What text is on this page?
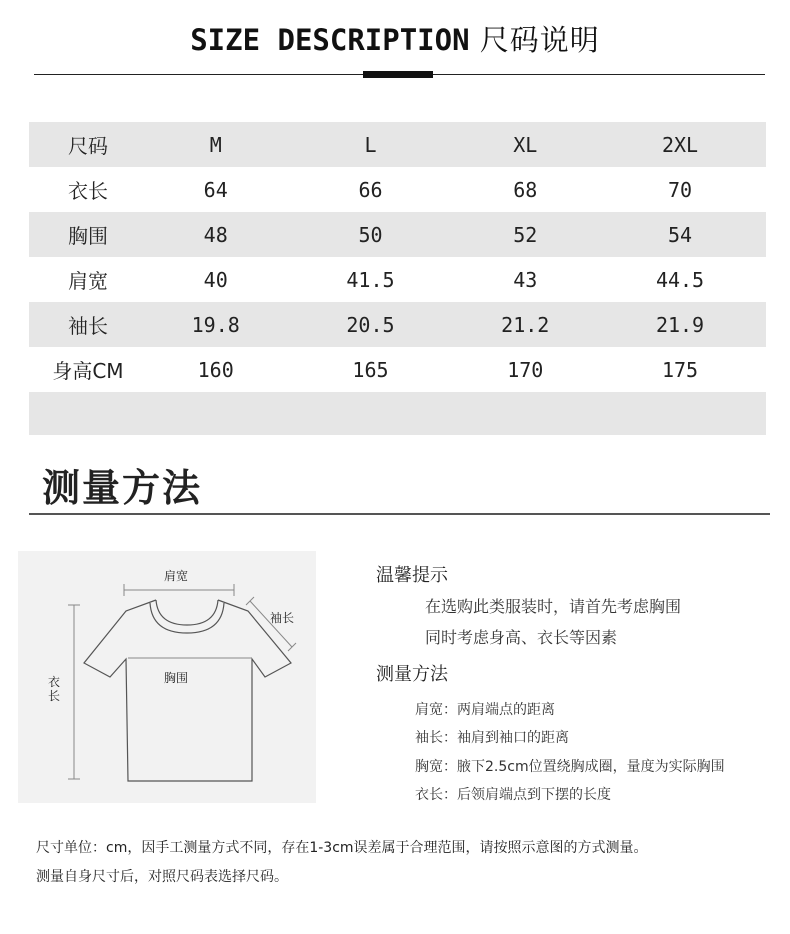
SIZE DESCRIPTION 尺码说明
尺码	M	L	XL	2XL
衣长	64	66	68	70
胸围	48	50	52	54
肩宽	40	41.5	43	44.5
袖长	19.8	20.5	21.2	21.9
身高CM	160	165	170	175
测量方法
肩宽
袖长
胸围
衣长
温馨提示
在选购此类服装时，请首先考虑胸围
同时考虑身高、衣长等因素
测量方法
肩宽：两肩端点的距离
袖长：袖肩到袖口的距离
胸宽：腋下2.5cm位置绕胸成圈，量度为实际胸围
衣长：后领肩端点到下摆的长度
尺寸单位：cm，因手工测量方式不同，存在1-3cm误差属于合理范围，请按照示意图的方式测量。
测量自身尺寸后，对照尺码表选择尺码。
